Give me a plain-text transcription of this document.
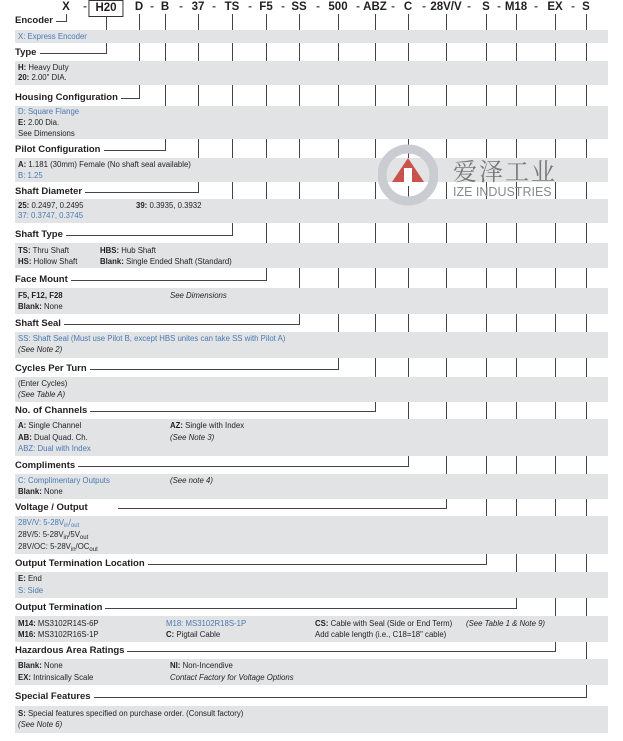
X - H20	D - B - 37 - TS - F5 - SS - 500 - ABZ - C - 28V/V - S - M18 - EX - S
Encoder
X: Express Encoder
Type
H: Heavy Duty
20: 2.00" DIA.
Housing Configuration
D: Square Flange
E: 2.00 Dia.
See Dimensions
Pilot Configuration
A: 1.181 (30mm) Female (No shaft seal available)
B: 1.25
Shaft Diameter
25: 0.2497, 0.2495	39: 0.3935, 0.3932
37: 0.3747, 0.3745
Shaft Type
TS: Thru Shaft	HBS: Hub Shaft
HS: Hollow Shaft	Blank: Single Ended Shaft (Standard)
Face Mount
F5, F12, F28	See Dimensions
Blank: None
Shaft Seal
SS: Shaft Seal (Must use Pilot B, except HBS unites can take SS with Pilot A)
(See Note 2)
Cycles Per Turn
(Enter Cycles)
(See Table A)
No. of Channels
A: Single Channel	AZ: Single with Index
AB: Dual Quad. Ch.	(See Note 3)
ABZ: Dual with Index
Compliments
C: Complimentary Outputs	(See note 4)
Blank: None
Voltage / Output
28V/V: $5-28V_{in}/_{out}$
28V/5: $5-28V_{in}/5V_{out}$
28V/OC: $5-28V_{in}/OC_{out}$
Output Termination Location
E: End
S: Side
Output Termination
M14: MS3102R14S-6P	M18: MS3102R18S-1P	CS: Cable with Seal (Side or End Term) (See Table 1 & Note 9)
M16: MS3102R16S-1P	C: Pigtail Cable	Add cable length (i.e., C18=18" cable)
Hazardous Area Ratings
Blank: None	NI: Non-Incendive
EX: Intrinsically Scale	Contact Factory for Voltage Options
Special Features
S: Special features specified on purchase order. (Consult factory)
(See Note 6)
爱泽工业
IZE INDUSTRIES
